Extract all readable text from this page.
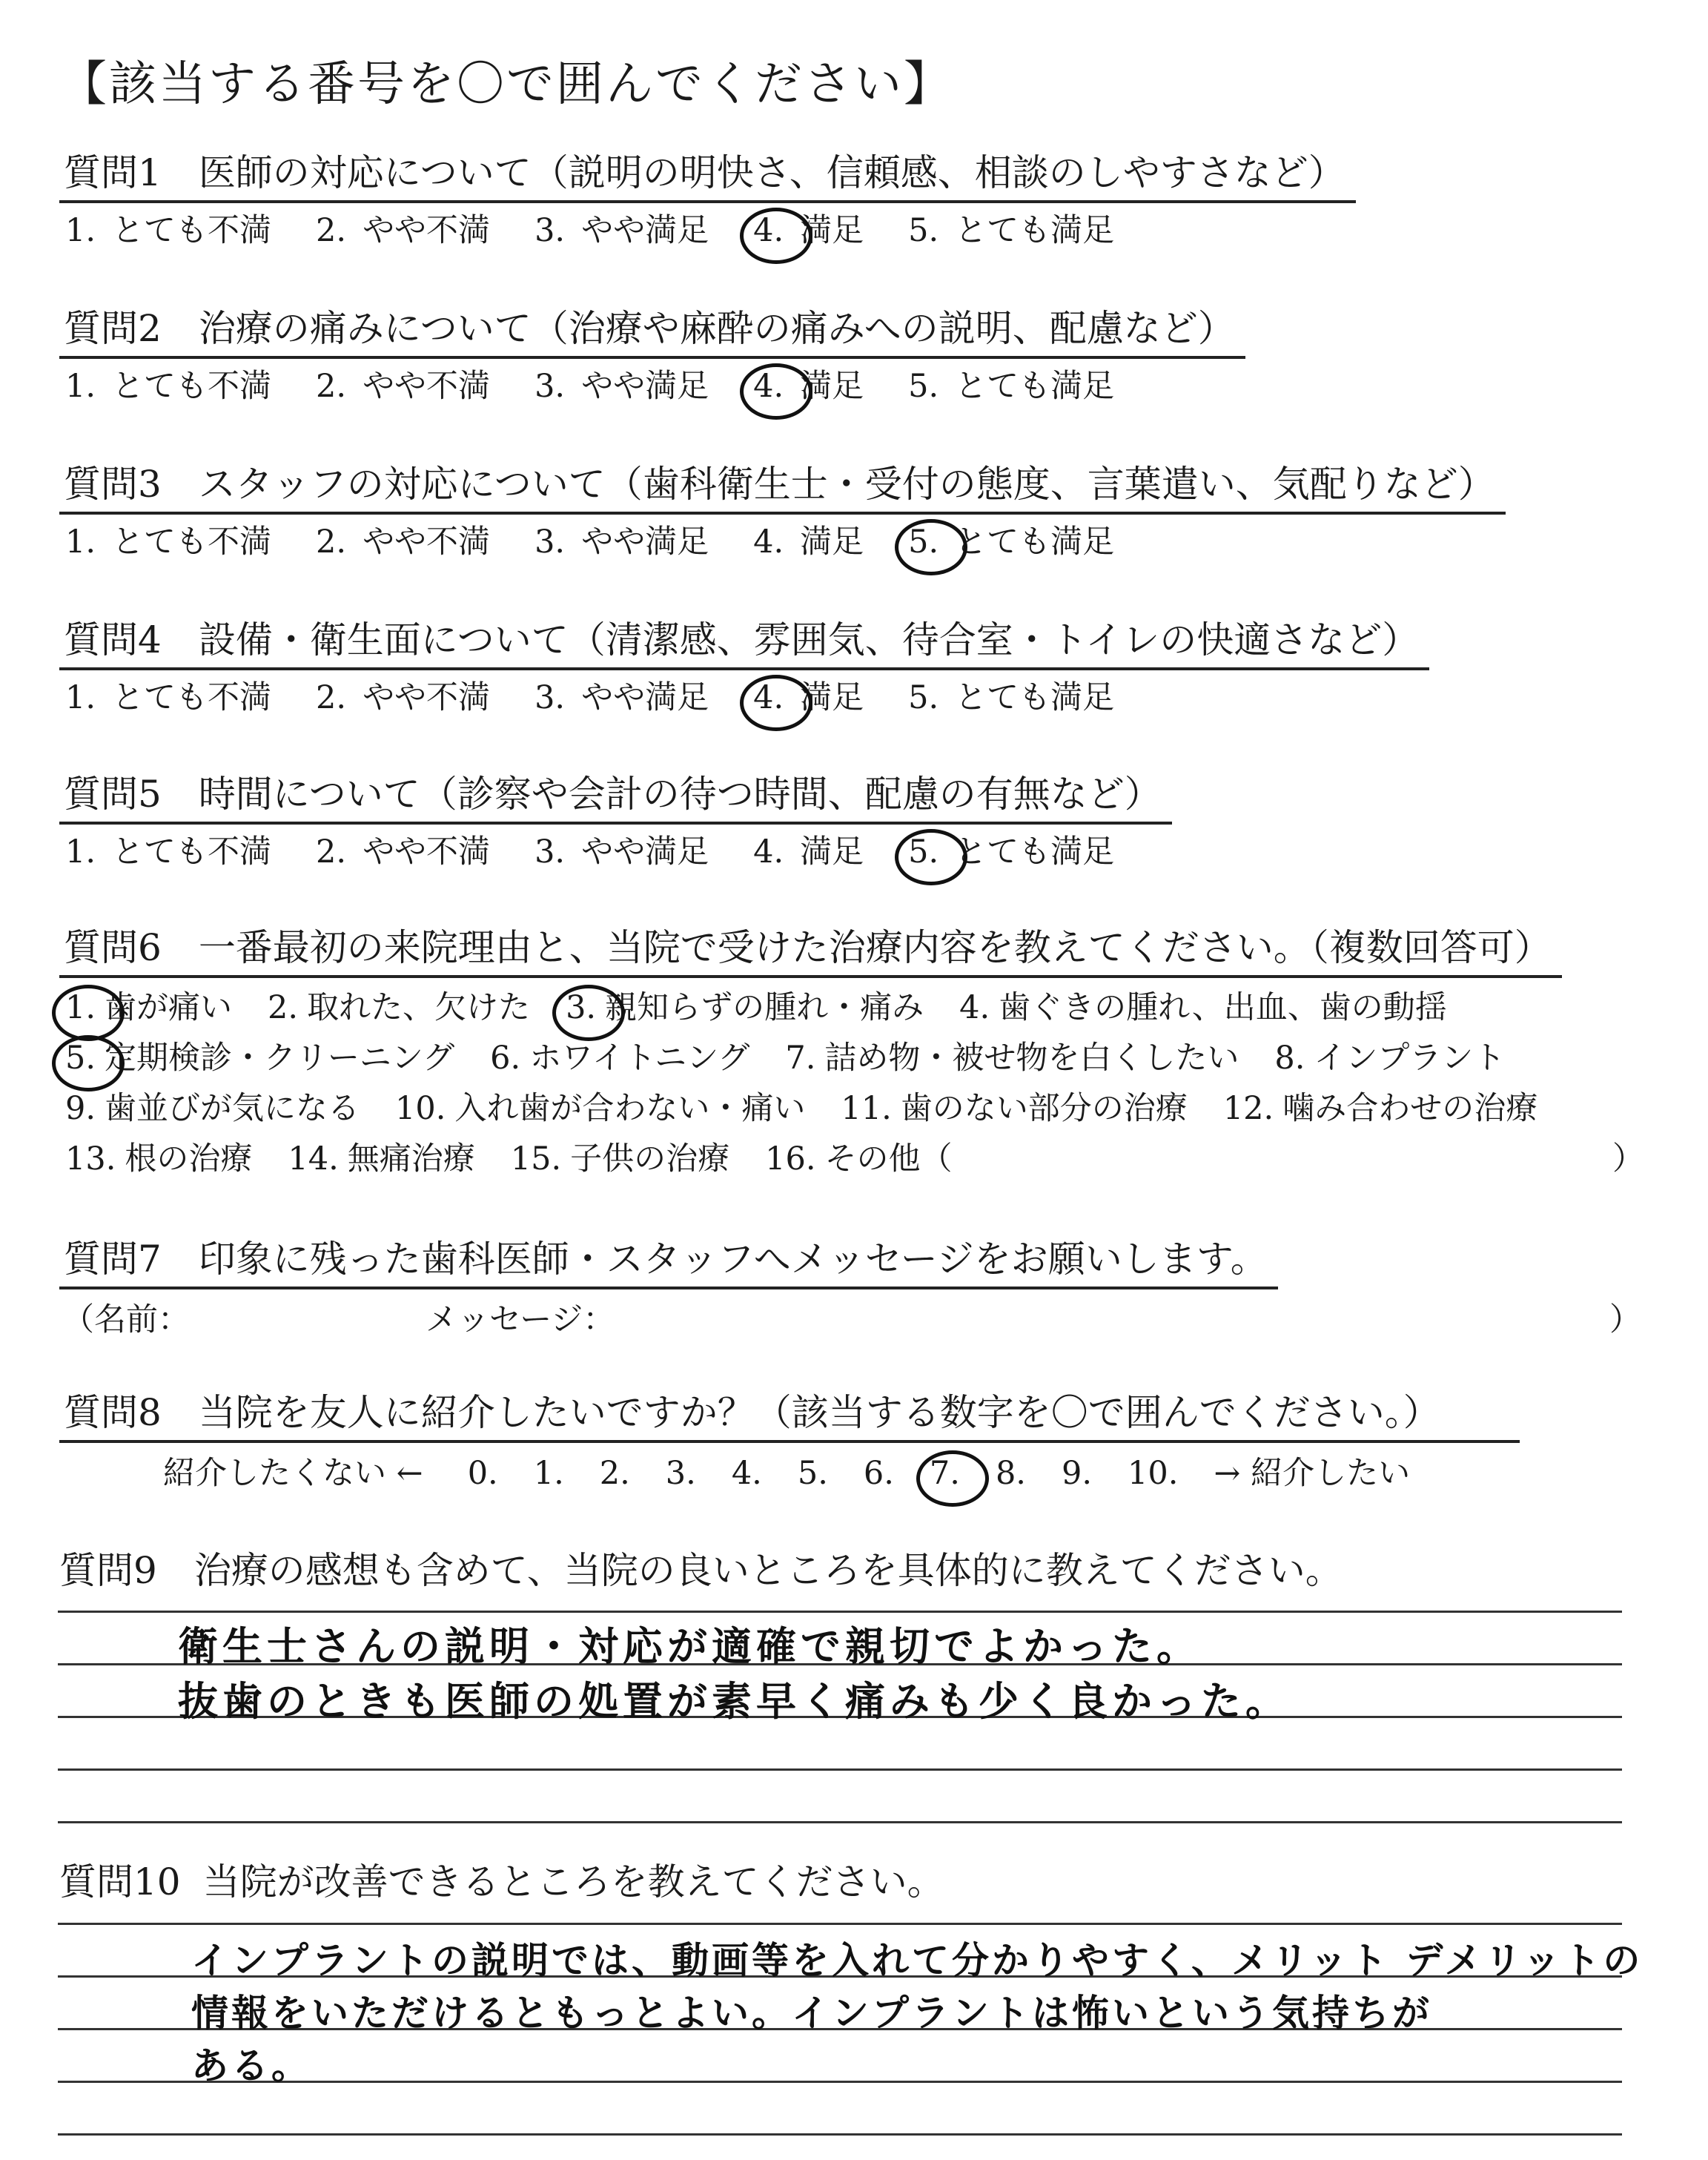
【該当する番号を〇で囲んでください】
質問1 医師の対応について（説明の明快さ、信頼感、相談のしやすさなど）
1. とても不満 2. やや不満 3. やや満足 4. 満足 5. とても満足
質問2 治療の痛みについて（治療や麻酔の痛みへの説明、配慮など）
1. とても不満 2. やや不満 3. やや満足 4. 満足 5. とても満足
質問3 スタッフの対応について（歯科衛生士・受付の態度、言葉遣い、気配りなど）
1. とても不満 2. やや不満 3. やや満足 4. 満足 5. とても満足
質問4 設備・衛生面について（清潔感、雰囲気、待合室・トイレの快適さなど）
1. とても不満 2. やや不満 3. やや満足 4. 満足 5. とても満足
質問5 時間について（診察や会計の待つ時間、配慮の有無など）
1. とても不満 2. やや不満 3. やや満足 4. 満足 5. とても満足
質問6 一番最初の来院理由と、当院で受けた治療内容を教えてください。（複数回答可）
1. 歯が痛い 2. 取れた、欠けた 3. 親知らずの腫れ・痛み 4. 歯ぐきの腫れ、出血、歯の動揺
5. 定期検診・クリーニング 6. ホワイトニング 7. 詰め物・被せ物を白くしたい 8. インプラント
9. 歯並びが気になる 10. 入れ歯が合わない・痛い 11. 歯のない部分の治療 12. 噛み合わせの治療
13. 根の治療 14. 無痛治療 15. 子供の治療 16. その他（	）
質問7 印象に残った歯科医師・スタッフへメッセージをお願いします。
（名前：	メッセージ：	）
質問8 当院を友人に紹介したいですか？（該当する数字を〇で囲んでください。）
紹介したくない ← 0. 1. 2. 3. 4. 5. 6. 7. 8. 9. 10. → 紹介したい
質問9 治療の感想も含めて、当院の良いところを具体的に教えてください。
衛生士さんの説明・対応が適確で親切でよかった。
抜歯のときも医師の処置が素早く痛みも少く良かった。
質問10 当院が改善できるところを教えてください。
インプラントの説明では、動画等を入れて分かりやすく、メリット デメリットの
情報をいただけるともっとよい。インプラントは怖いという気持ちが
ある。
